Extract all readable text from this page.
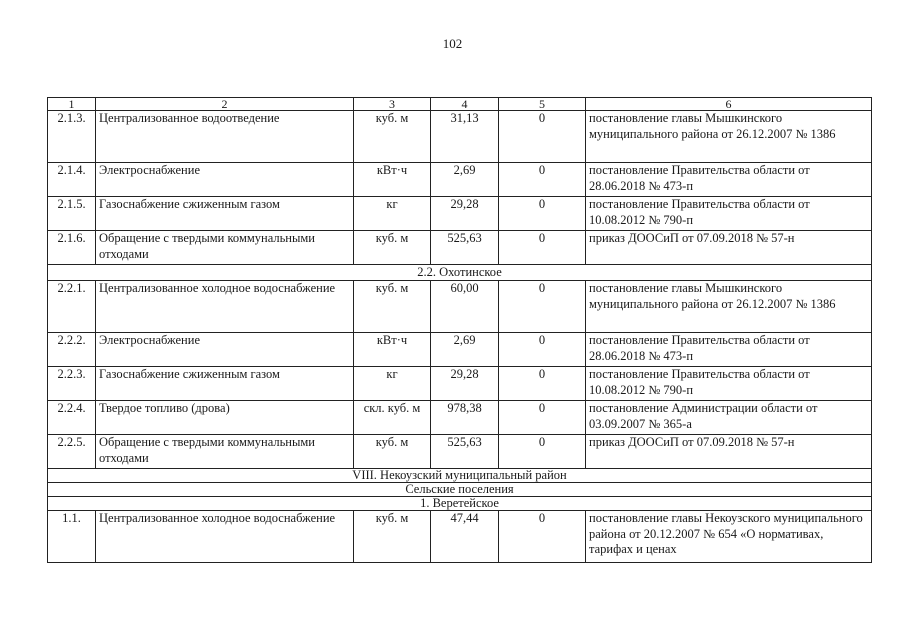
102
1	2	3	4	5	6
2.1.3.	Централизованное водоотведение	куб. м	31,13	0	постановление главы Мышкинского муниципального района от 26.12.2007 № 1386
2.1.4.	Электроснабжение	кВт·ч	2,69	0	постановление Правительства области от 28.06.2018 № 473-п
2.1.5.	Газоснабжение сжиженным газом	кг	29,28	0	постановление Правительства области от 10.08.2012 № 790-п
2.1.6.	Обращение с твердыми коммунальными отходами	куб. м	525,63	0	приказ ДООСиП от 07.09.2018 № 57-н
2.2. Охотинское					
2.2.1.	Централизованное холодное водоснабжение	куб. м	60,00	0	постановление главы Мышкинского муниципального района от 26.12.2007 № 1386
2.2.2.	Электроснабжение	кВт·ч	2,69	0	постановление Правительства области от 28.06.2018 № 473-п
2.2.3.	Газоснабжение сжиженным газом	кг	29,28	0	постановление Правительства области от 10.08.2012 № 790-п
2.2.4.	Твердое топливо (дрова)	скл. куб. м	978,38	0	постановление Администрации области от 03.09.2007 № 365-а
2.2.5.	Обращение с твердыми коммунальными отходами	куб. м	525,63	0	приказ ДООСиП от 07.09.2018 № 57-н
VIII. Некоузский муниципальный район					
Сельские поселения					
1. Веретейское					
1.1.	Централизованное холодное водоснабжение	куб. м	47,44	0	постановление главы Некоузского муниципального района от 20.12.2007 № 654 «О нормативах, тарифах и ценах
